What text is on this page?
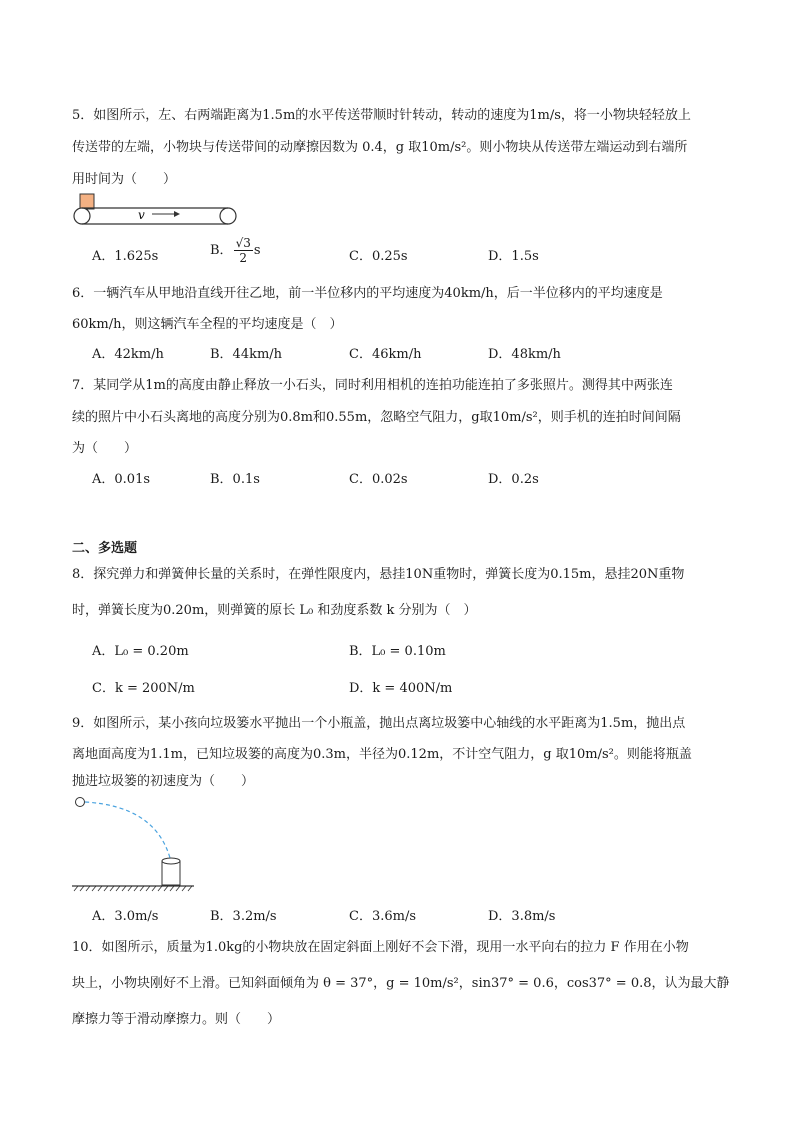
5．如图所示，左、右两端距离为1.5m的水平传送带顺时针转动，转动的速度为1m/s，将一小物块轻轻放上
传送带的左端，小物块与传送带间的动摩擦因数为 0.4，g 取10m/s²。则小物块从传送带左端运动到右端所
用时间为（　　）
v
A．1.625s	B． $\frac{√3}{2}$ s	C．0.25s	D．1.5s
6．一辆汽车从甲地沿直线开往乙地，前一半位移内的平均速度为40km/h，后一半位移内的平均速度是
60km/h，则这辆汽车全程的平均速度是（　）
A．42km/h	B．44km/h	C．46km/h	D．48km/h
7．某同学从1m的高度由静止释放一小石头，同时利用相机的连拍功能连拍了多张照片。测得其中两张连
续的照片中小石头离地的高度分别为0.8m和0.55m，忽略空气阻力，g取10m/s²，则手机的连拍时间间隔
为（　　）
A．0.01s	B．0.1s	C．0.02s	D．0.2s
二、多选题
8．探究弹力和弹簧伸长量的关系时，在弹性限度内，悬挂10N重物时，弹簧长度为0.15m，悬挂20N重物
时，弹簧长度为0.20m，则弹簧的原长 L₀ 和劲度系数 k 分别为（　）
A．L₀ = 0.20m	B．L₀ = 0.10m
C．k = 200N/m	D．k = 400N/m
9．如图所示，某小孩向垃圾篓水平抛出一个小瓶盖，抛出点离垃圾篓中心轴线的水平距离为1.5m，抛出点
离地面高度为1.1m，已知垃圾篓的高度为0.3m，半径为0.12m，不计空气阻力，g 取10m/s²。则能将瓶盖
抛进垃圾篓的初速度为（　　）
A．3.0m/s	B．3.2m/s	C．3.6m/s	D．3.8m/s
10．如图所示，质量为1.0kg的小物块放在固定斜面上刚好不会下滑，现用一水平向右的拉力 F 作用在小物
块上，小物块刚好不上滑。已知斜面倾角为 θ = 37°，g = 10m/s²，sin37° = 0.6，cos37° = 0.8，认为最大静
摩擦力等于滑动摩擦力。则（　　）
